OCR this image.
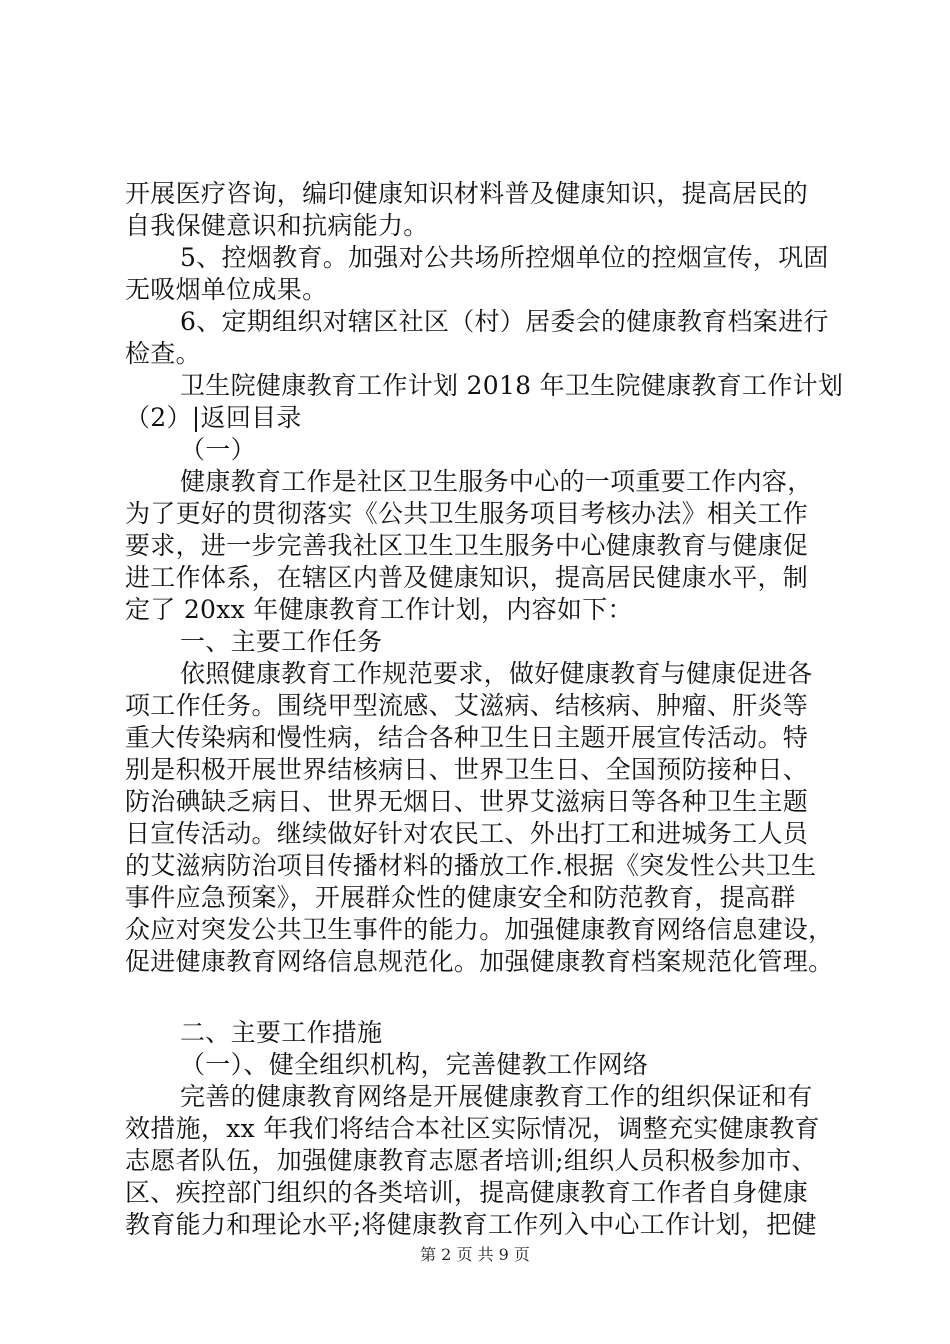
开展医疗咨询，编印健康知识材料普及健康知识，提高居民的
自我保健意识和抗病能力。
5、控烟教育。加强对公共场所控烟单位的控烟宣传，巩固
无吸烟单位成果。
6、定期组织对辖区社区（村）居委会的健康教育档案进行
检查。
卫生院健康教育工作计划 2018 年卫生院健康教育工作计划
（2）|返回目录
（一）
健康教育工作是社区卫生服务中心的一项重要工作内容，
为了更好的贯彻落实《公共卫生服务项目考核办法》相关工作
要求，进一步完善我社区卫生卫生服务中心健康教育与健康促
进工作体系，在辖区内普及健康知识，提高居民健康水平，制
定了 20xx 年健康教育工作计划，内容如下：
一、主要工作任务
依照健康教育工作规范要求，做好健康教育与健康促进各
项工作任务。围绕甲型流感、艾滋病、结核病、肿瘤、肝炎等
重大传染病和慢性病，结合各种卫生日主题开展宣传活动。特
别是积极开展世界结核病日、世界卫生日、全国预防接种日、
防治碘缺乏病日、世界无烟日、世界艾滋病日等各种卫生主题
日宣传活动。继续做好针对农民工、外出打工和进城务工人员
的艾滋病防治项目传播材料的播放工作.根据《突发性公共卫生
事件应急预案》，开展群众性的健康安全和防范教育，提高群
众应对突发公共卫生事件的能力。加强健康教育网络信息建设，
促进健康教育网络信息规范化。加强健康教育档案规范化管理。
二、主要工作措施
（一）、健全组织机构，完善健教工作网络
完善的健康教育网络是开展健康教育工作的组织保证和有
效措施，xx 年我们将结合本社区实际情况，调整充实健康教育
志愿者队伍，加强健康教育志愿者培训;组织人员积极参加市、
区、疾控部门组织的各类培训，提高健康教育工作者自身健康
教育能力和理论水平;将健康教育工作列入中心工作计划，把健
第 2 页 共 9 页
